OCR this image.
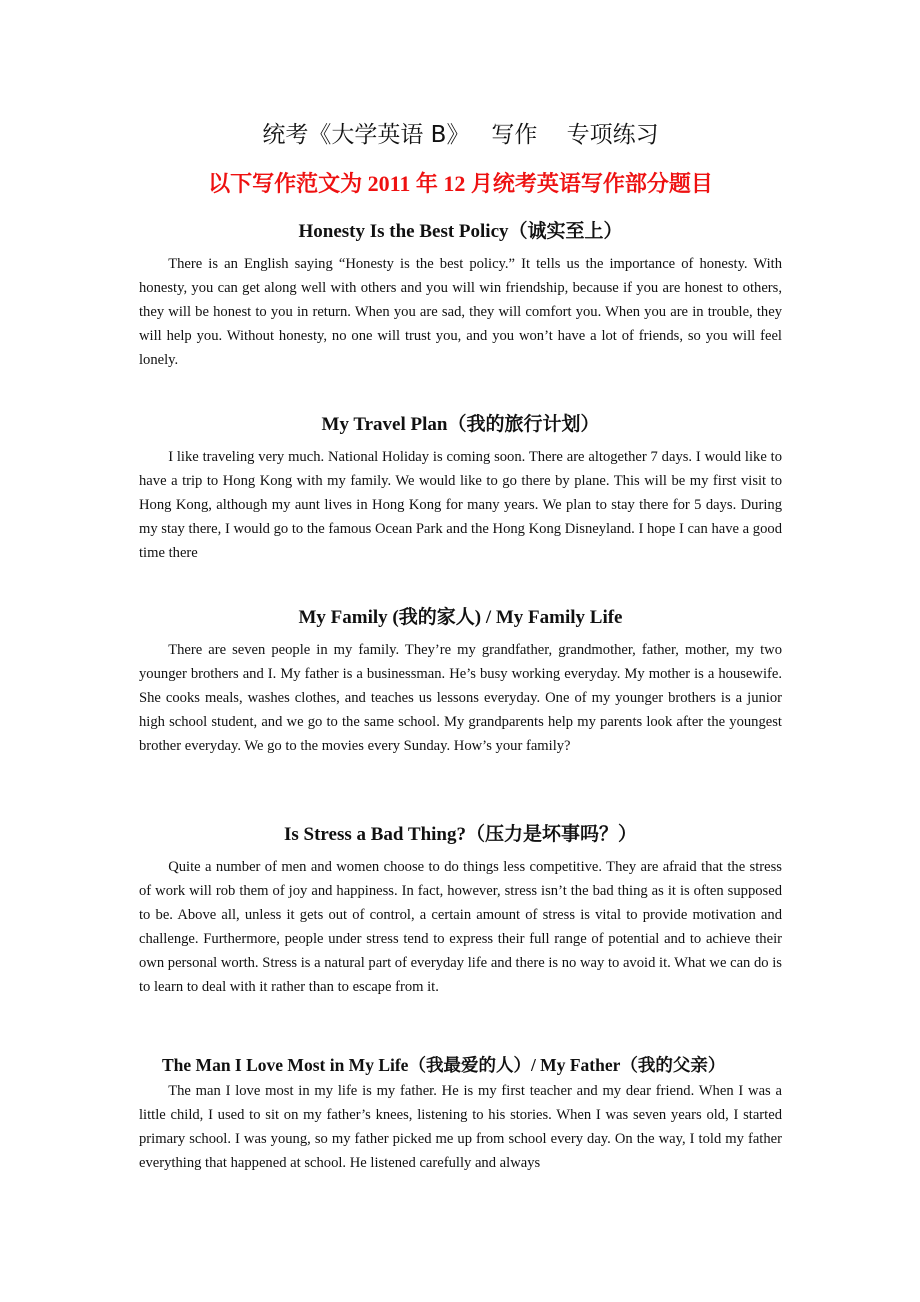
统考《大学英语 B》   写作    专项练习
以下写作范文为 2011 年 12 月统考英语写作部分题目
Honesty Is the Best Policy（诚实至上）

There is an English saying “Honesty is the best policy.” It tells us the importance of honesty. With honesty, you can get along well with others and you will win friendship, because if you are honest to others, they will be honest to you in return. When you are sad, they will comfort you. When you are in trouble, they will help you. Without honesty, no one will trust you, and you won’t have a lot of friends, so you will feel lonely.

My Travel Plan（我的旅行计划）

I like traveling very much. National Holiday is coming soon. There are altogether 7 days. I would like to have a trip to Hong Kong with my family. We would like to go there by plane. This will be my first visit to Hong Kong, although my aunt lives in Hong Kong for many years. We plan to stay there for 5 days. During my stay there, I would go to the famous Ocean Park and the Hong Kong Disneyland. I hope I can have a good time there

My Family (我的家人) / My Family Life

There are seven people in my family. They’re my grandfather, grandmother, father, mother, my two younger brothers and I. My father is a businessman. He’s busy working everyday. My mother is a housewife. She cooks meals, washes clothes, and teaches us lessons everyday. One of my younger brothers is a junior high school student, and we go to the same school. My grandparents help my parents look after the youngest brother everyday. We go to the movies every Sunday. How’s your family?

Is Stress a Bad Thing?（压力是坏事吗？）

Quite a number of men and women choose to do things less competitive. They are afraid that the stress of work will rob them of joy and happiness. In fact, however, stress isn’t the bad thing as it is often supposed to be. Above all, unless it gets out of control, a certain amount of stress is vital to provide motivation and challenge. Furthermore, people under stress tend to express their full range of potential and to achieve their own personal worth. Stress is a natural part of everyday life and there is no way to avoid it. What we can do is to learn to deal with it rather than to escape from it.

The Man I Love Most in My Life（我最爱的人）/ My Father（我的父亲）

The man I love most in my life is my father. He is my first teacher and my dear friend. When I was a little child, I used to sit on my father’s knees, listening to his stories. When I was seven years old, I started primary school. I was young, so my father picked me up from school every day. On the way, I told my father everything that happened at school. He listened carefully and always
